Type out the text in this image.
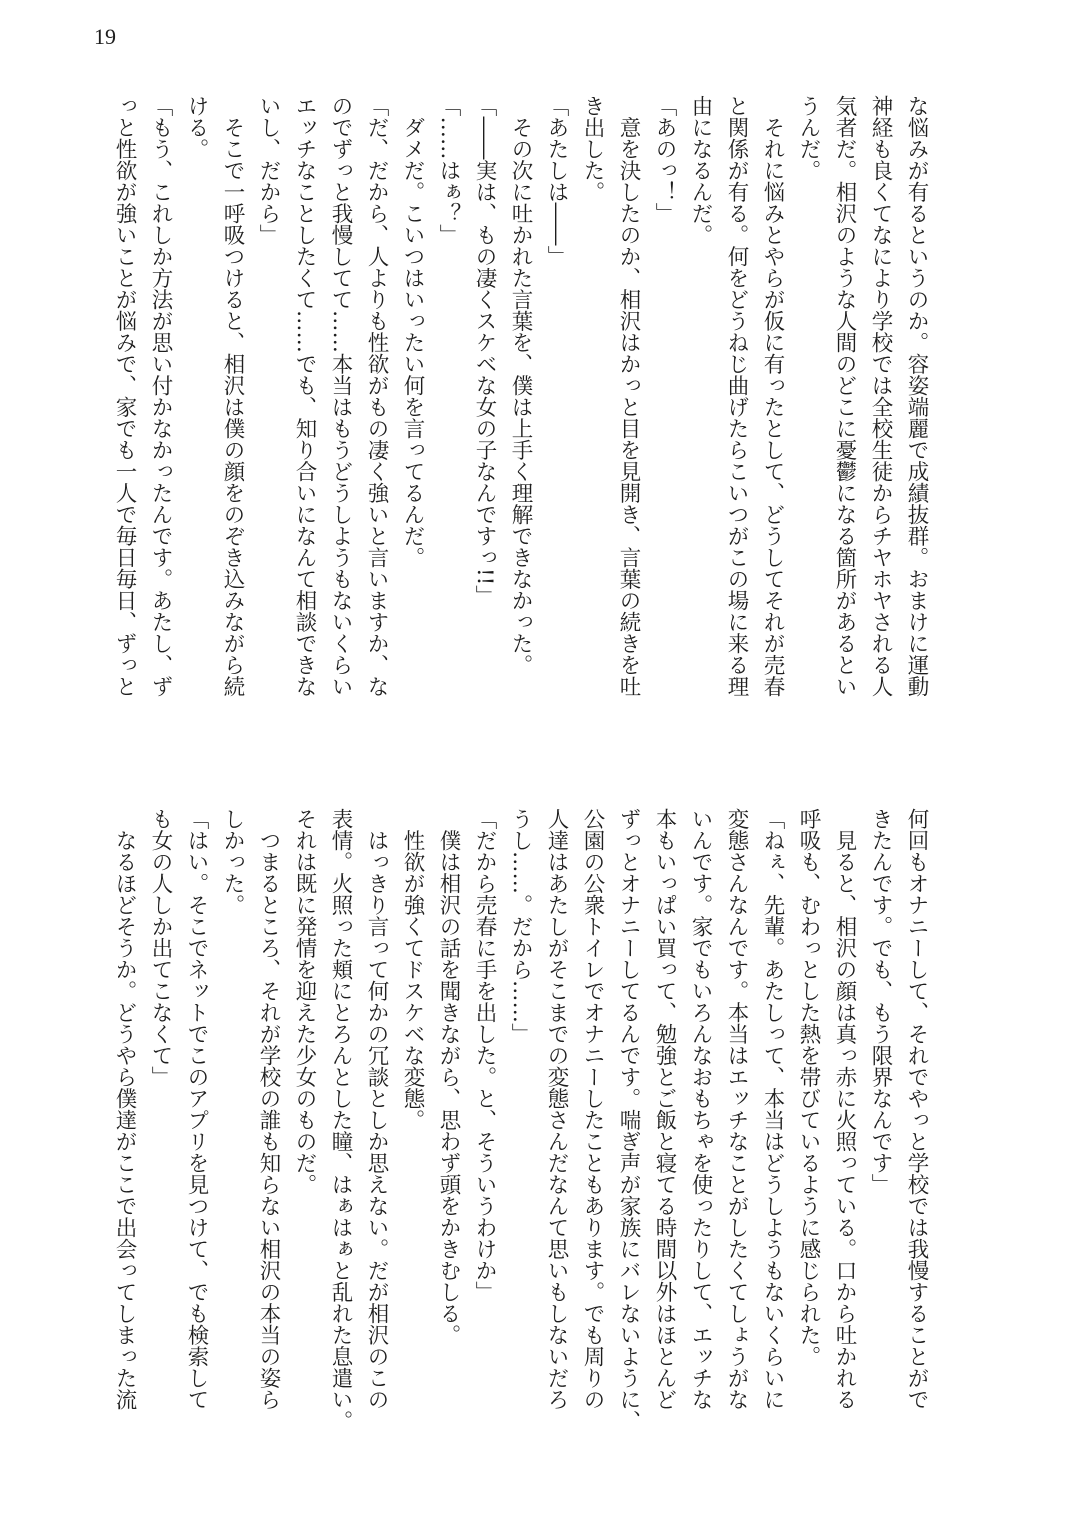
19
な悩みが有るというのか。容姿端麗で成績抜群。おまけに運動
神経も良くてなにより学校では全校生徒からチヤホヤされる人
気者だ。相沢のような人間のどこに憂鬱になる箇所があるとい
うんだ。
　それに悩みとやらが仮に有ったとして、どうしてそれが売春
と関係が有る。何をどうねじ曲げたらこいつがこの場に来る理
由になるんだ。
「あのっ！」
　意を決したのか、相沢はかっと目を見開き、言葉の続きを吐
き出した。
「あたしは――」
　その次に吐かれた言葉を、僕は上手く理解できなかった。
「――実は、もの凄くスケベな女の子なんですっ!!」
「……はぁ？」
　ダメだ。こいつはいったい何を言ってるんだ。
「だ、だから、人よりも性欲がもの凄く強いと言いますか、な
のでずっと我慢してて……本当はもうどうしようもないくらい
エッチなことしたくて……でも、知り合いになんて相談できな
いし、だから」
　そこで一呼吸つけると、相沢は僕の顔をのぞき込みながら続
ける。
「もう、これしか方法が思い付かなかったんです。あたし、ず
っと性欲が強いことが悩みで、家でも一人で毎日毎日、ずっと
何回もオナニーして、それでやっと学校では我慢することがで
きたんです。でも、もう限界なんです」
　見ると、相沢の顔は真っ赤に火照っている。口から吐かれる
呼吸も、むわっとした熱を帯びているように感じられた。
「ねぇ、先輩。あたしって、本当はどうしようもないくらいに
変態さんなんです。本当はエッチなことがしたくてしょうがな
いんです。家でもいろんなおもちゃを使ったりして、エッチな
本もいっぱい買って、勉強とご飯と寝てる時間以外はほとんど
ずっとオナニーしてるんです。喘ぎ声が家族にバレないように、
公園の公衆トイレでオナニーしたこともあります。でも周りの
人達はあたしがそこまでの変態さんだなんて思いもしないだろ
うし……。だから……」
「だから売春に手を出した。と、そういうわけか」
　僕は相沢の話を聞きながら、思わず頭をかきむしる。
　性欲が強くてドスケベな変態。
　はっきり言って何かの冗談としか思えない。だが相沢のこの
表情。火照った頬にとろんとした瞳、はぁはぁと乱れた息遣い。
それは既に発情を迎えた少女のものだ。
　つまるところ、それが学校の誰も知らない相沢の本当の姿ら
しかった。
「はい。そこでネットでこのアプリを見つけて、でも検索して
も女の人しか出てこなくて」
　なるほどそうか。どうやら僕達がここで出会ってしまった流
